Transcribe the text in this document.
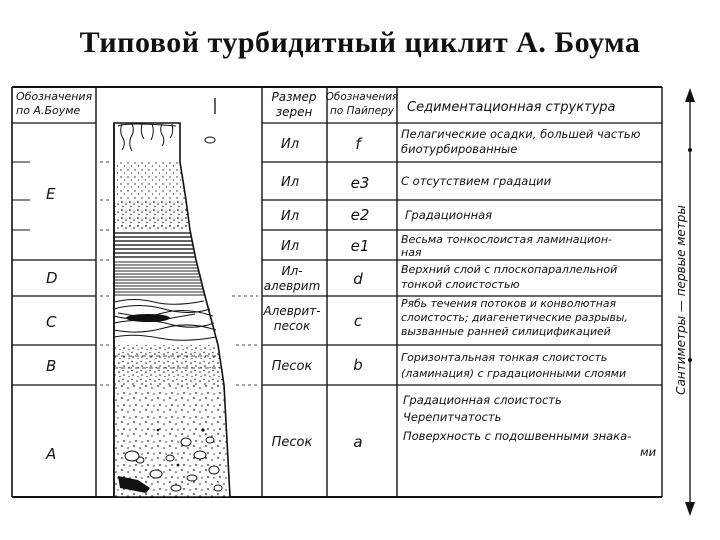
Типовой турбидитный циклит А. Боума
Обозначения
по А.Боуме
Размер
зерен
Обозначения
по Пайперу Седиментационная структура
E
D
C
B
A
Ил
Ил
Ил
Ил
Ил-
алевриm
Алеврит-
песок
Песок
Песок
f
e3
e2
e1
d
c
b
a
Пелагические осадки, большей частью
биотурбированные
С отсутствием градации
Градационная
Весьма тонкослоистая ламинацион-
ная
Верхний слой с плоскопараллельной
тонкой слоистостью
Рябь течения потоков и конволютная
слоистость; диагенетические разрывы,
вызванные ранней силицификацией
Горизонтальная тонкая слоистость
(ламинация) с градационными слоями
Градационная слоистость
Черепитчатость
Поверхность с подошвенными знака-
ми
Сантиметры — первые метры
